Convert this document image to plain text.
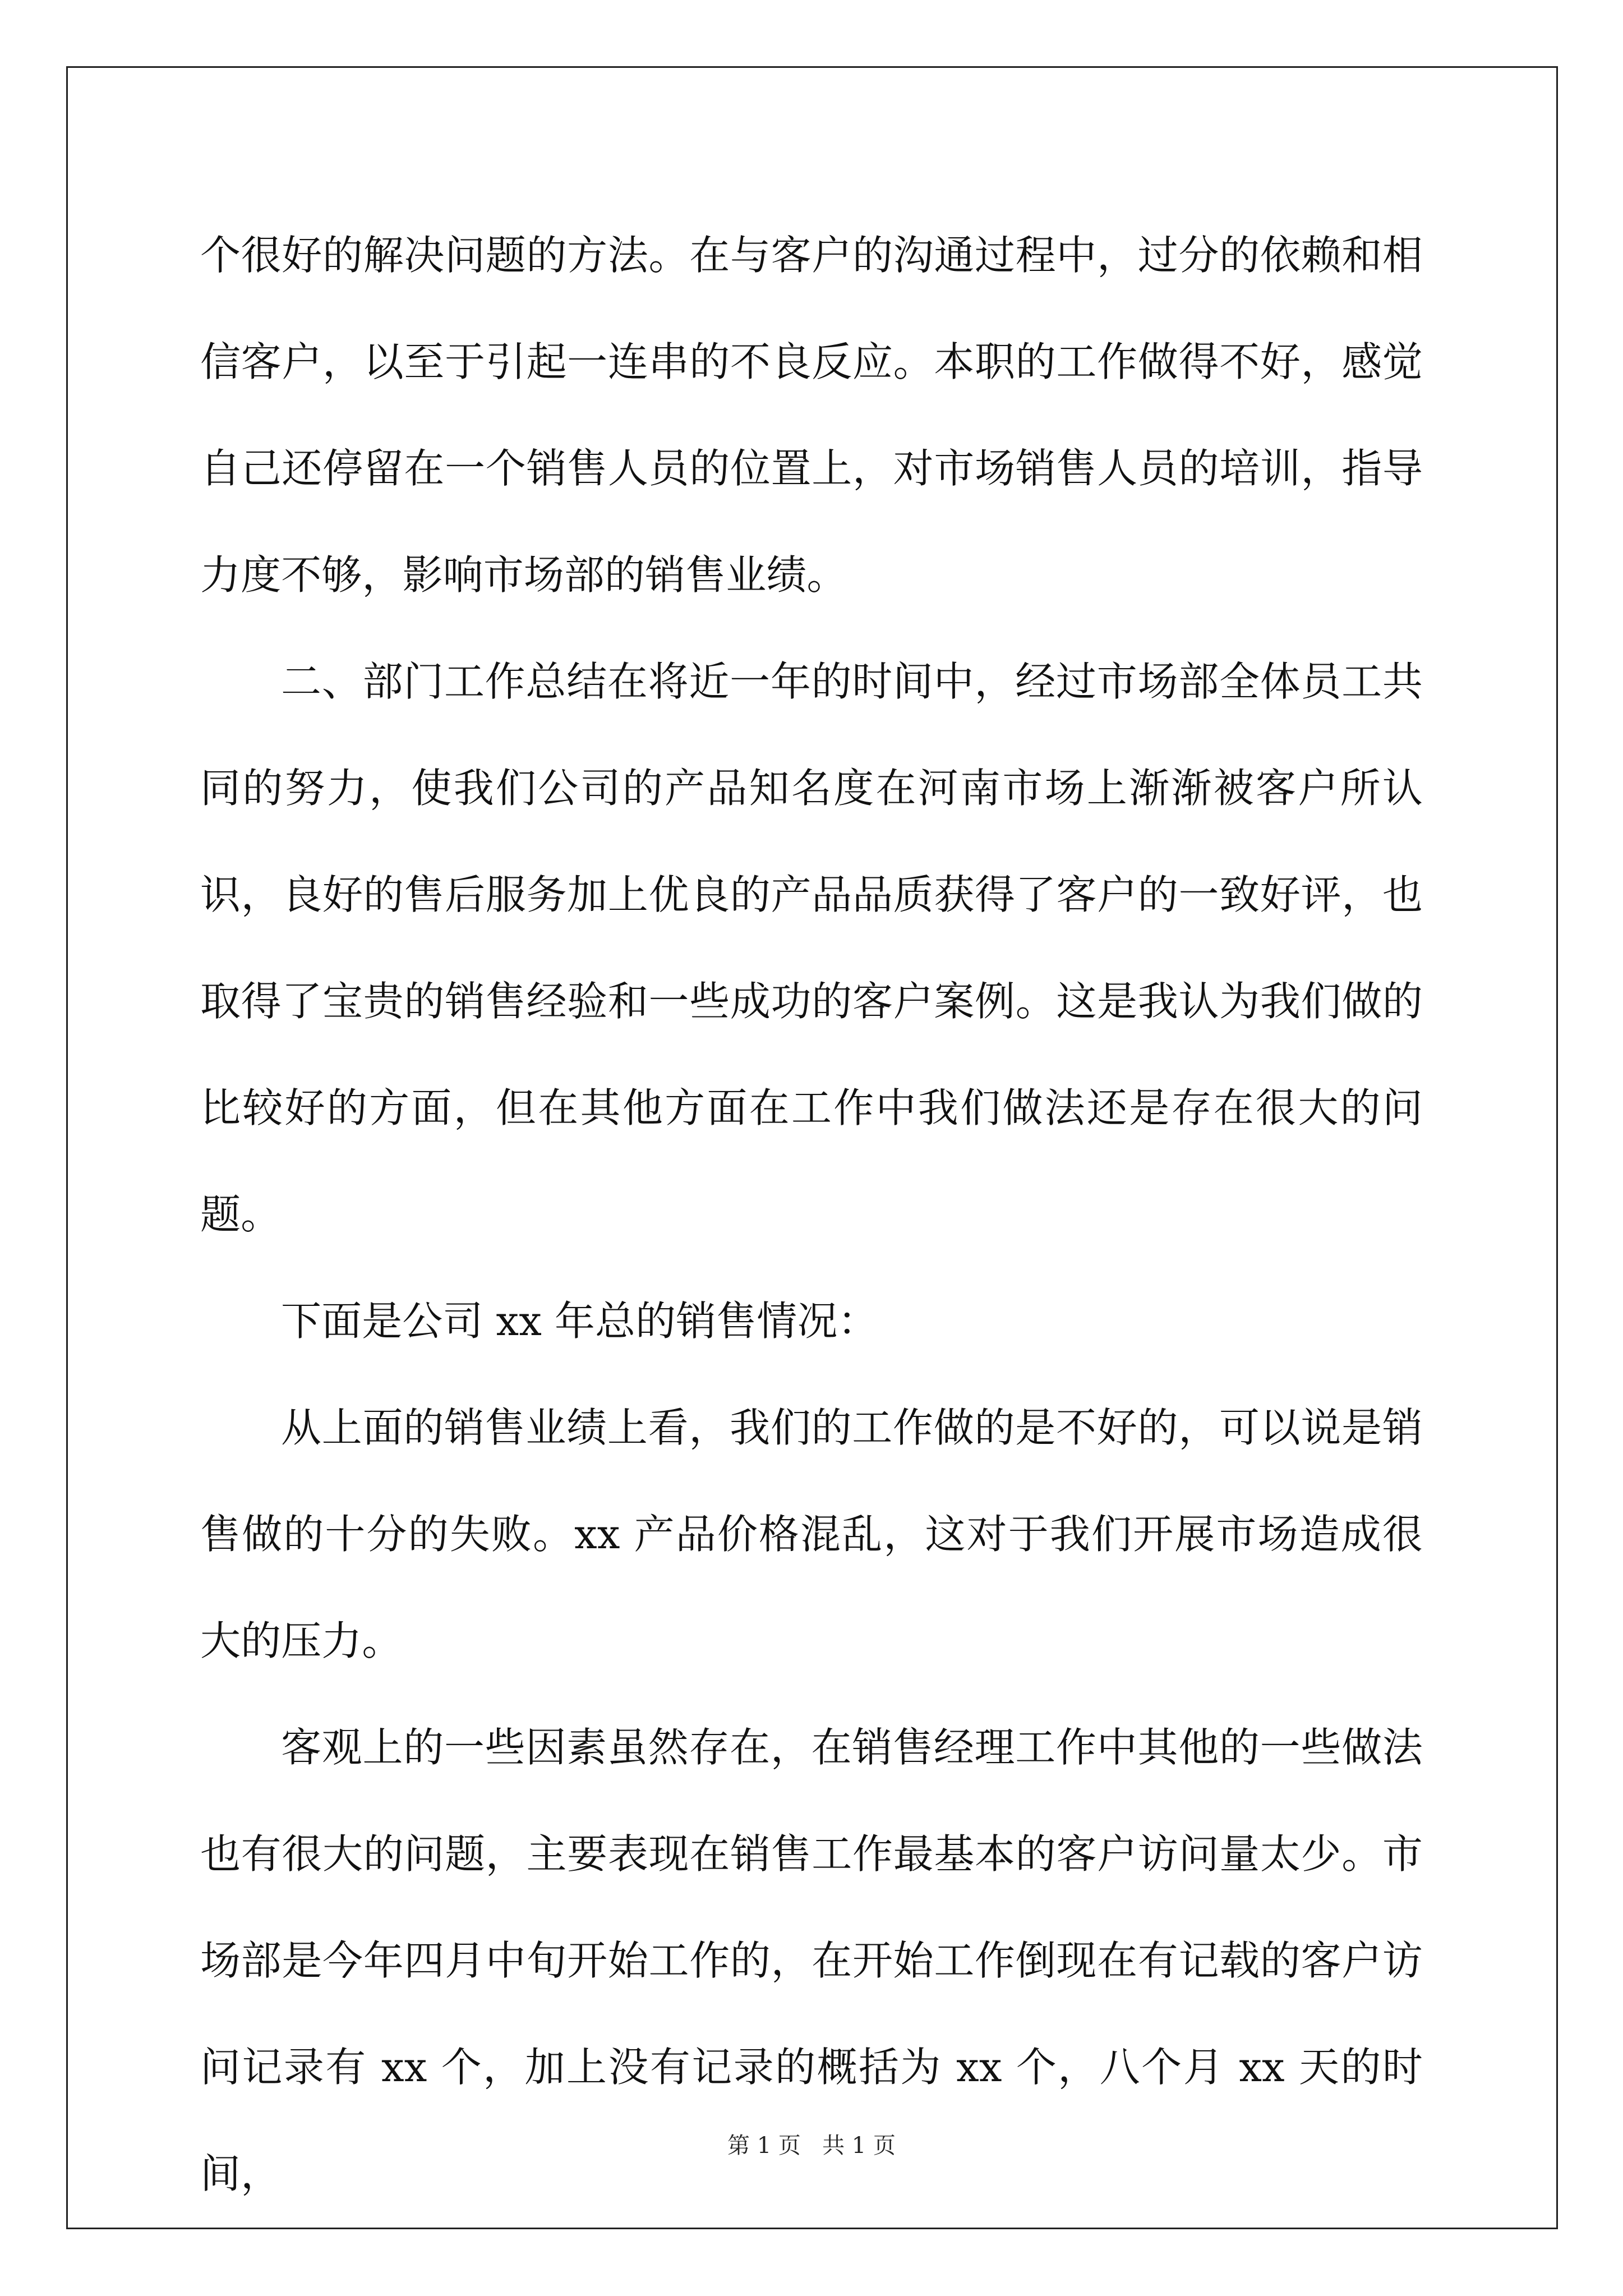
个很好的解决问题的方法。在与客户的沟通过程中，过分的依赖和相信客户，以至于引起一连串的不良反应。本职的工作做得不好，感觉自己还停留在一个销售人员的位置上，对市场销售人员的培训，指导力度不够，影响市场部的销售业绩。

二、部门工作总结在将近一年的时间中，经过市场部全体员工共同的努力，使我们公司的产品知名度在河南市场上渐渐被客户所认识，良好的售后服务加上优良的产品品质获得了客户的一致好评，也取得了宝贵的销售经验和一些成功的客户案例。这是我认为我们做的比较好的方面，但在其他方面在工作中我们做法还是存在很大的问题。

下面是公司 xx 年总的销售情况：

从上面的销售业绩上看，我们的工作做的是不好的，可以说是销售做的十分的失败。xx 产品价格混乱，这对于我们开展市场造成很大的压力。

客观上的一些因素虽然存在，在销售经理工作中其他的一些做法也有很大的问题，主要表现在销售工作最基本的客户访问量太少。市场部是今年四月中旬开始工作的，在开始工作倒现在有记载的客户访问记录有 xx 个，加上没有记录的概括为 xx 个，八个月 xx 天的时间，

第 1 页   共 1 页
